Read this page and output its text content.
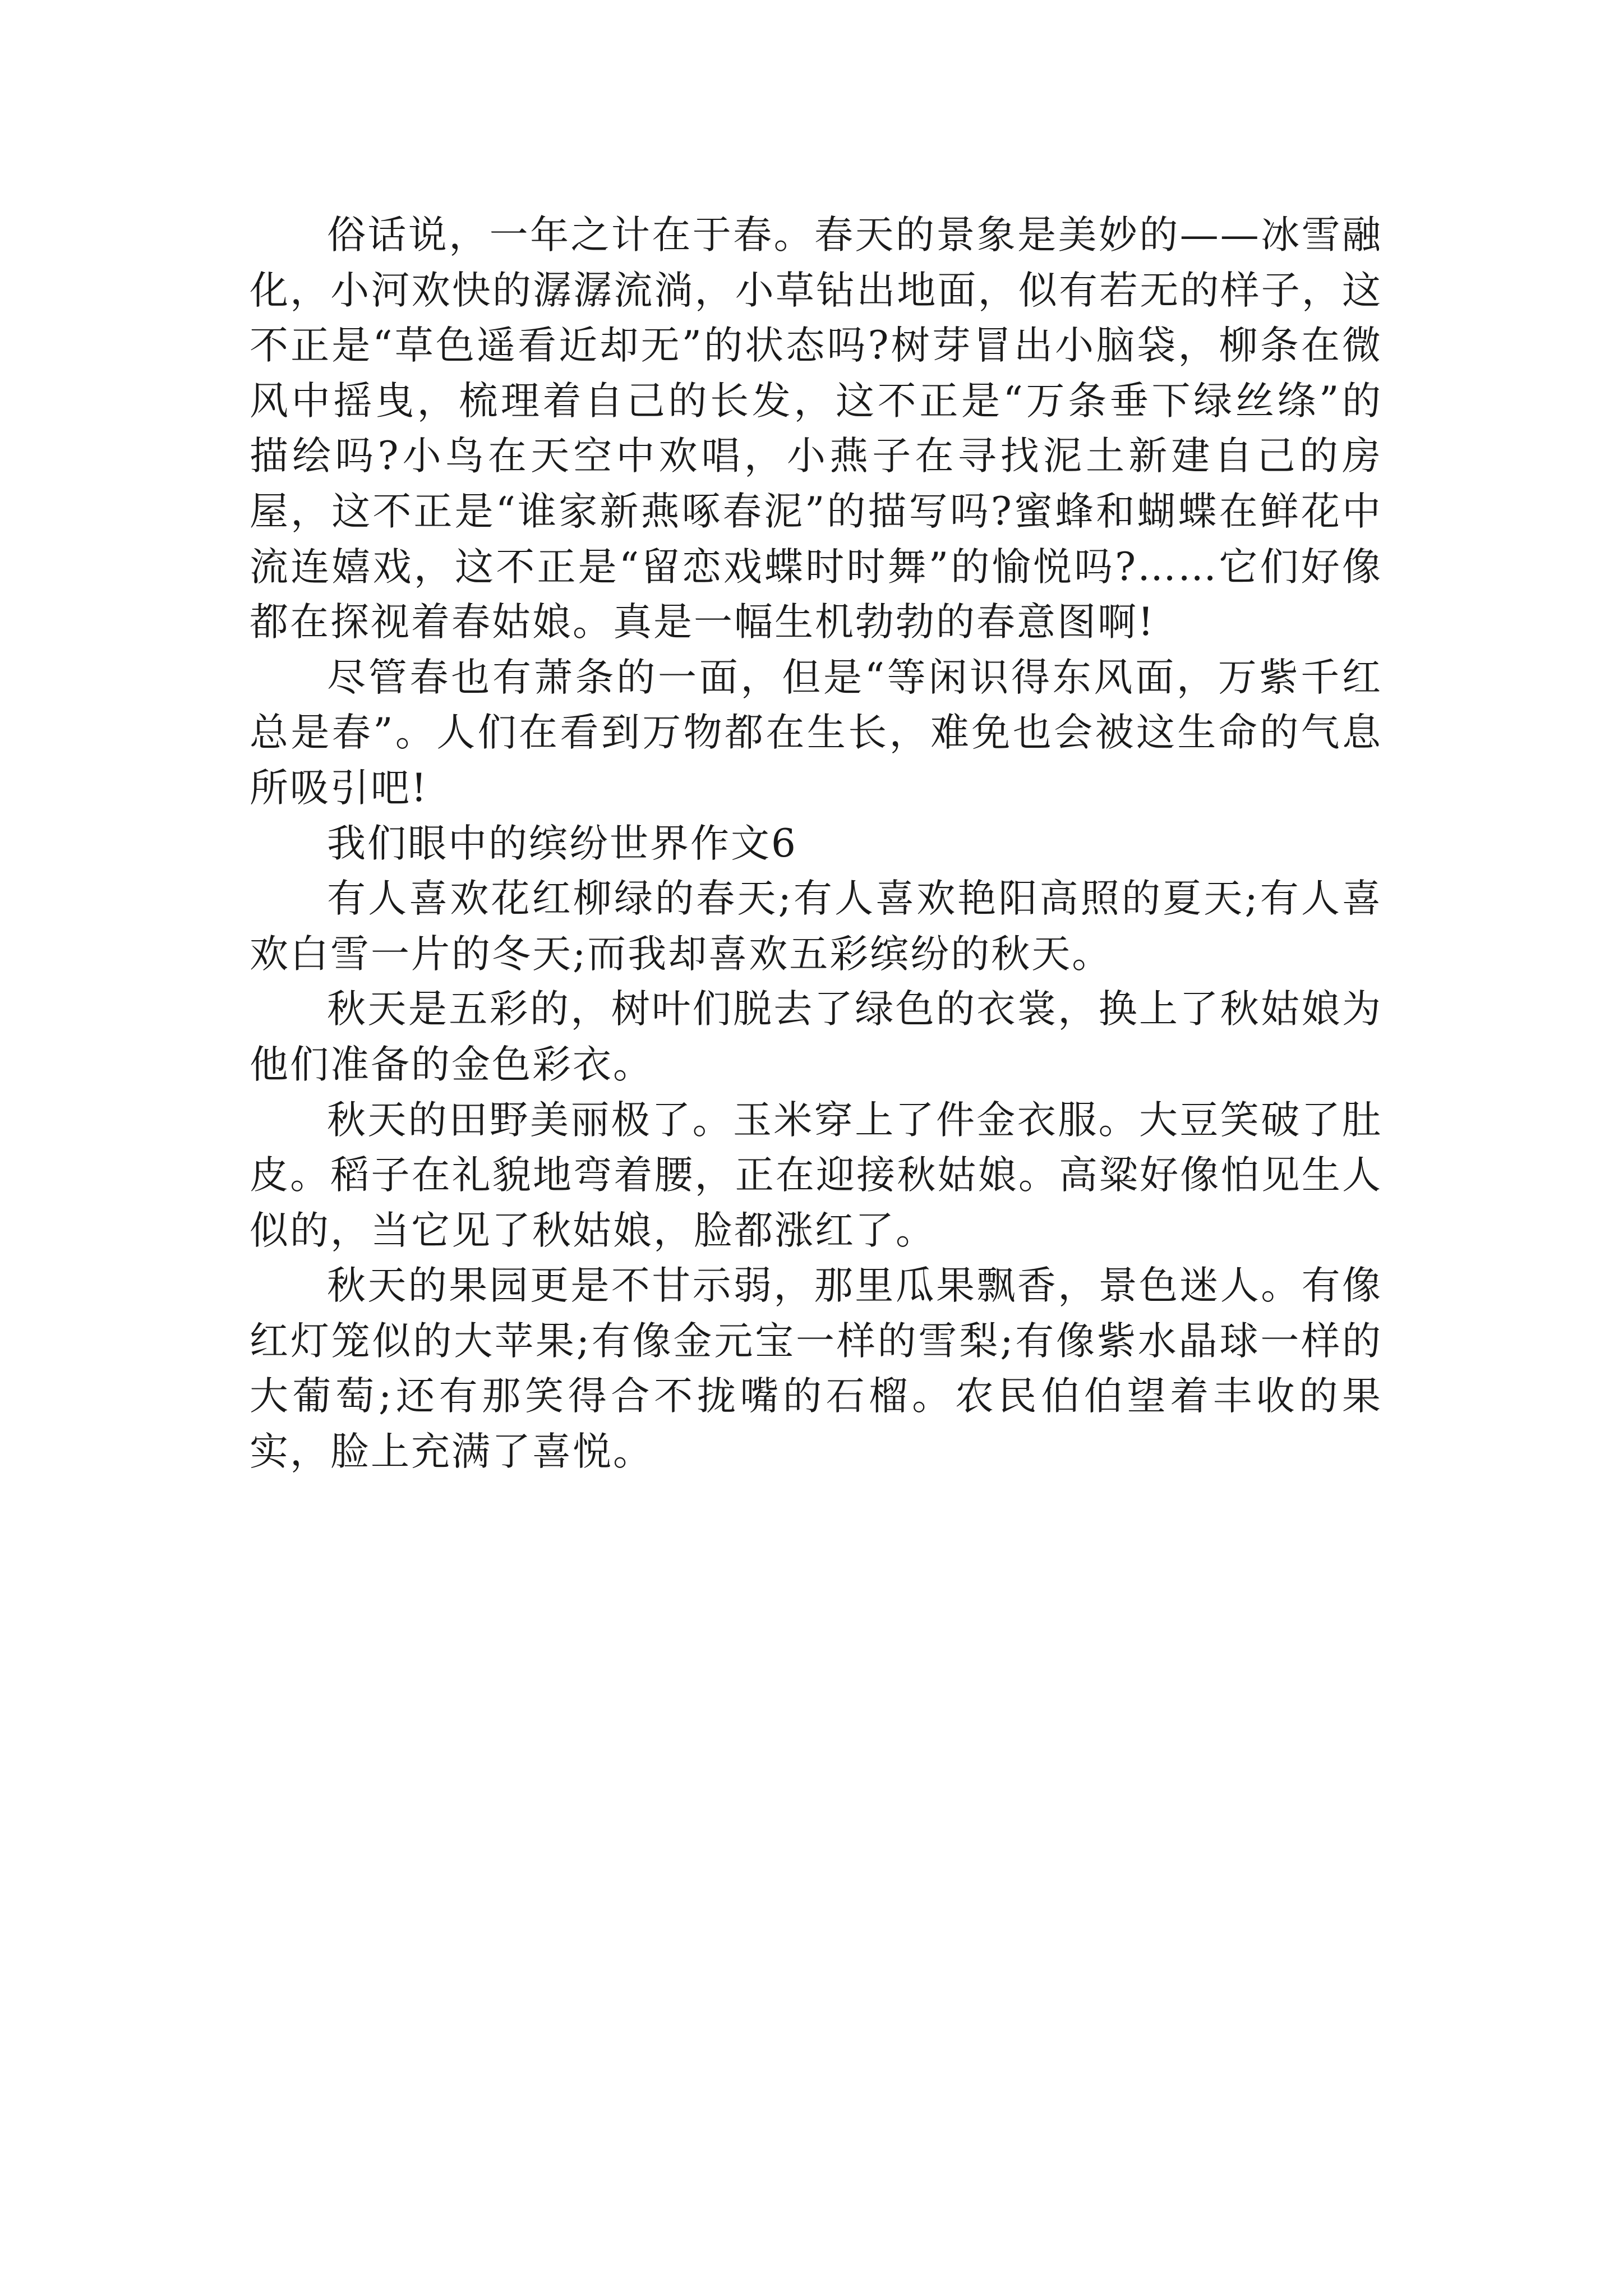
俗话说，一年之计在于春。春天的景象是美妙的——冰雪融化，小河欢快的潺潺流淌，小草钻出地面，似有若无的样子，这不正是“草色遥看近却无”的状态吗?树芽冒出小脑袋，柳条在微风中摇曳，梳理着自己的长发，这不正是“万条垂下绿丝绦”的描绘吗?小鸟在天空中欢唱，小燕子在寻找泥土新建自己的房屋，这不正是“谁家新燕啄春泥”的描写吗?蜜蜂和蝴蝶在鲜花中流连嬉戏，这不正是“留恋戏蝶时时舞”的愉悦吗?……它们好像都在探视着春姑娘。真是一幅生机勃勃的春意图啊!

尽管春也有萧条的一面，但是“等闲识得东风面，万紫千红总是春”。人们在看到万物都在生长，难免也会被这生命的气息所吸引吧!

我们眼中的缤纷世界作文6

有人喜欢花红柳绿的春天;有人喜欢艳阳高照的夏天;有人喜欢白雪一片的冬天;而我却喜欢五彩缤纷的秋天。

秋天是五彩的，树叶们脱去了绿色的衣裳，换上了秋姑娘为他们准备的金色彩衣。

秋天的田野美丽极了。玉米穿上了件金衣服。大豆笑破了肚皮。稻子在礼貌地弯着腰，正在迎接秋姑娘。高粱好像怕见生人似的，当它见了秋姑娘，脸都涨红了。

秋天的果园更是不甘示弱，那里瓜果飘香，景色迷人。有像红灯笼似的大苹果;有像金元宝一样的雪梨;有像紫水晶球一样的大葡萄;还有那笑得合不拢嘴的石榴。农民伯伯望着丰收的果实，脸上充满了喜悦。
